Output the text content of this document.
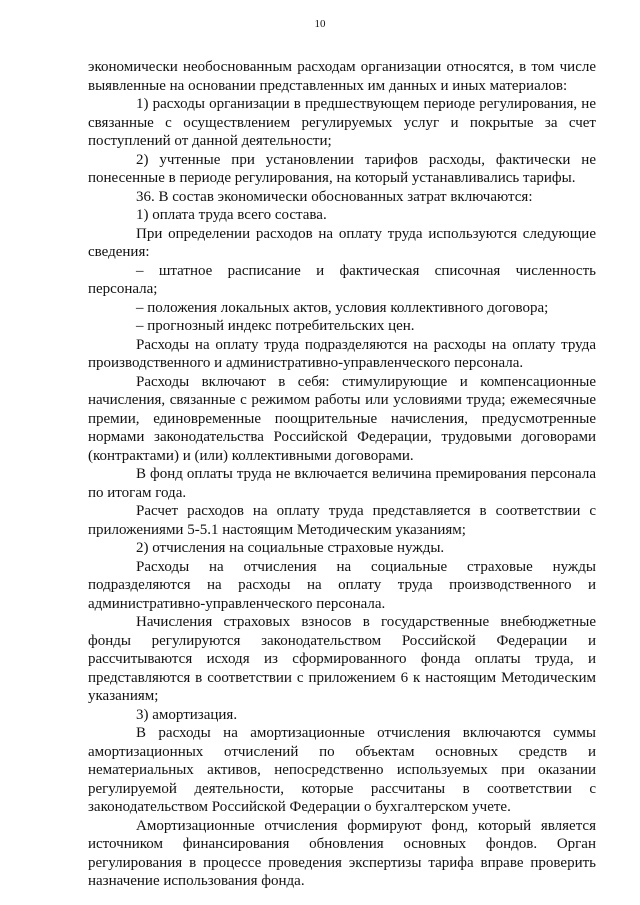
10

экономически необоснованным расходам организации относятся, в том числе выявленные на основании представленных им данных и иных материалов:

1) расходы организации в предшествующем периоде регулирования, не связанные с осуществлением регулируемых услуг и покрытые за счет поступлений от данной деятельности;

2) учтенные при установлении тарифов расходы, фактически не понесенные в периоде регулирования, на который устанавливались тарифы.

36. В состав экономически обоснованных затрат включаются:

1) оплата труда всего состава.

При определении расходов на оплату труда используются следующие сведения:

– штатное расписание и фактическая списочная численность персонала;

– положения локальных актов, условия коллективного договора;

– прогнозный индекс потребительских цен.

Расходы на оплату труда подразделяются на расходы на оплату труда производственного и административно-управленческого персонала.

Расходы включают в себя: стимулирующие и компенсационные начисления, связанные с режимом работы или условиями труда; ежемесячные премии, единовременные поощрительные начисления, предусмотренные нормами законодательства Российской Федерации, трудовыми договорами (контрактами) и (или) коллективными договорами.

В фонд оплаты труда не включается величина премирования персонала по итогам года.

Расчет расходов на оплату труда представляется в соответствии с приложениями 5-5.1 настоящим Методическим указаниям;

2) отчисления на социальные страховые нужды.

Расходы на отчисления на социальные страховые нужды подразделяются на расходы на оплату труда производственного и административно-управленческого персонала.

Начисления страховых взносов в государственные внебюджетные фонды регулируются законодательством Российской Федерации и рассчитываются исходя из сформированного фонда оплаты труда, и представляются в соответствии с приложением 6 к настоящим Методическим указаниям;

3) амортизация.

В расходы на амортизационные отчисления включаются суммы амортизационных отчислений по объектам основных средств и нематериальных активов, непосредственно используемых при оказании регулируемой деятельности, которые рассчитаны в соответствии с законодательством Российской Федерации о бухгалтерском учете.

Амортизационные отчисления формируют фонд, который является источником финансирования обновления основных фондов. Орган регулирования в процессе проведения экспертизы тарифа вправе проверить назначение использования фонда.
